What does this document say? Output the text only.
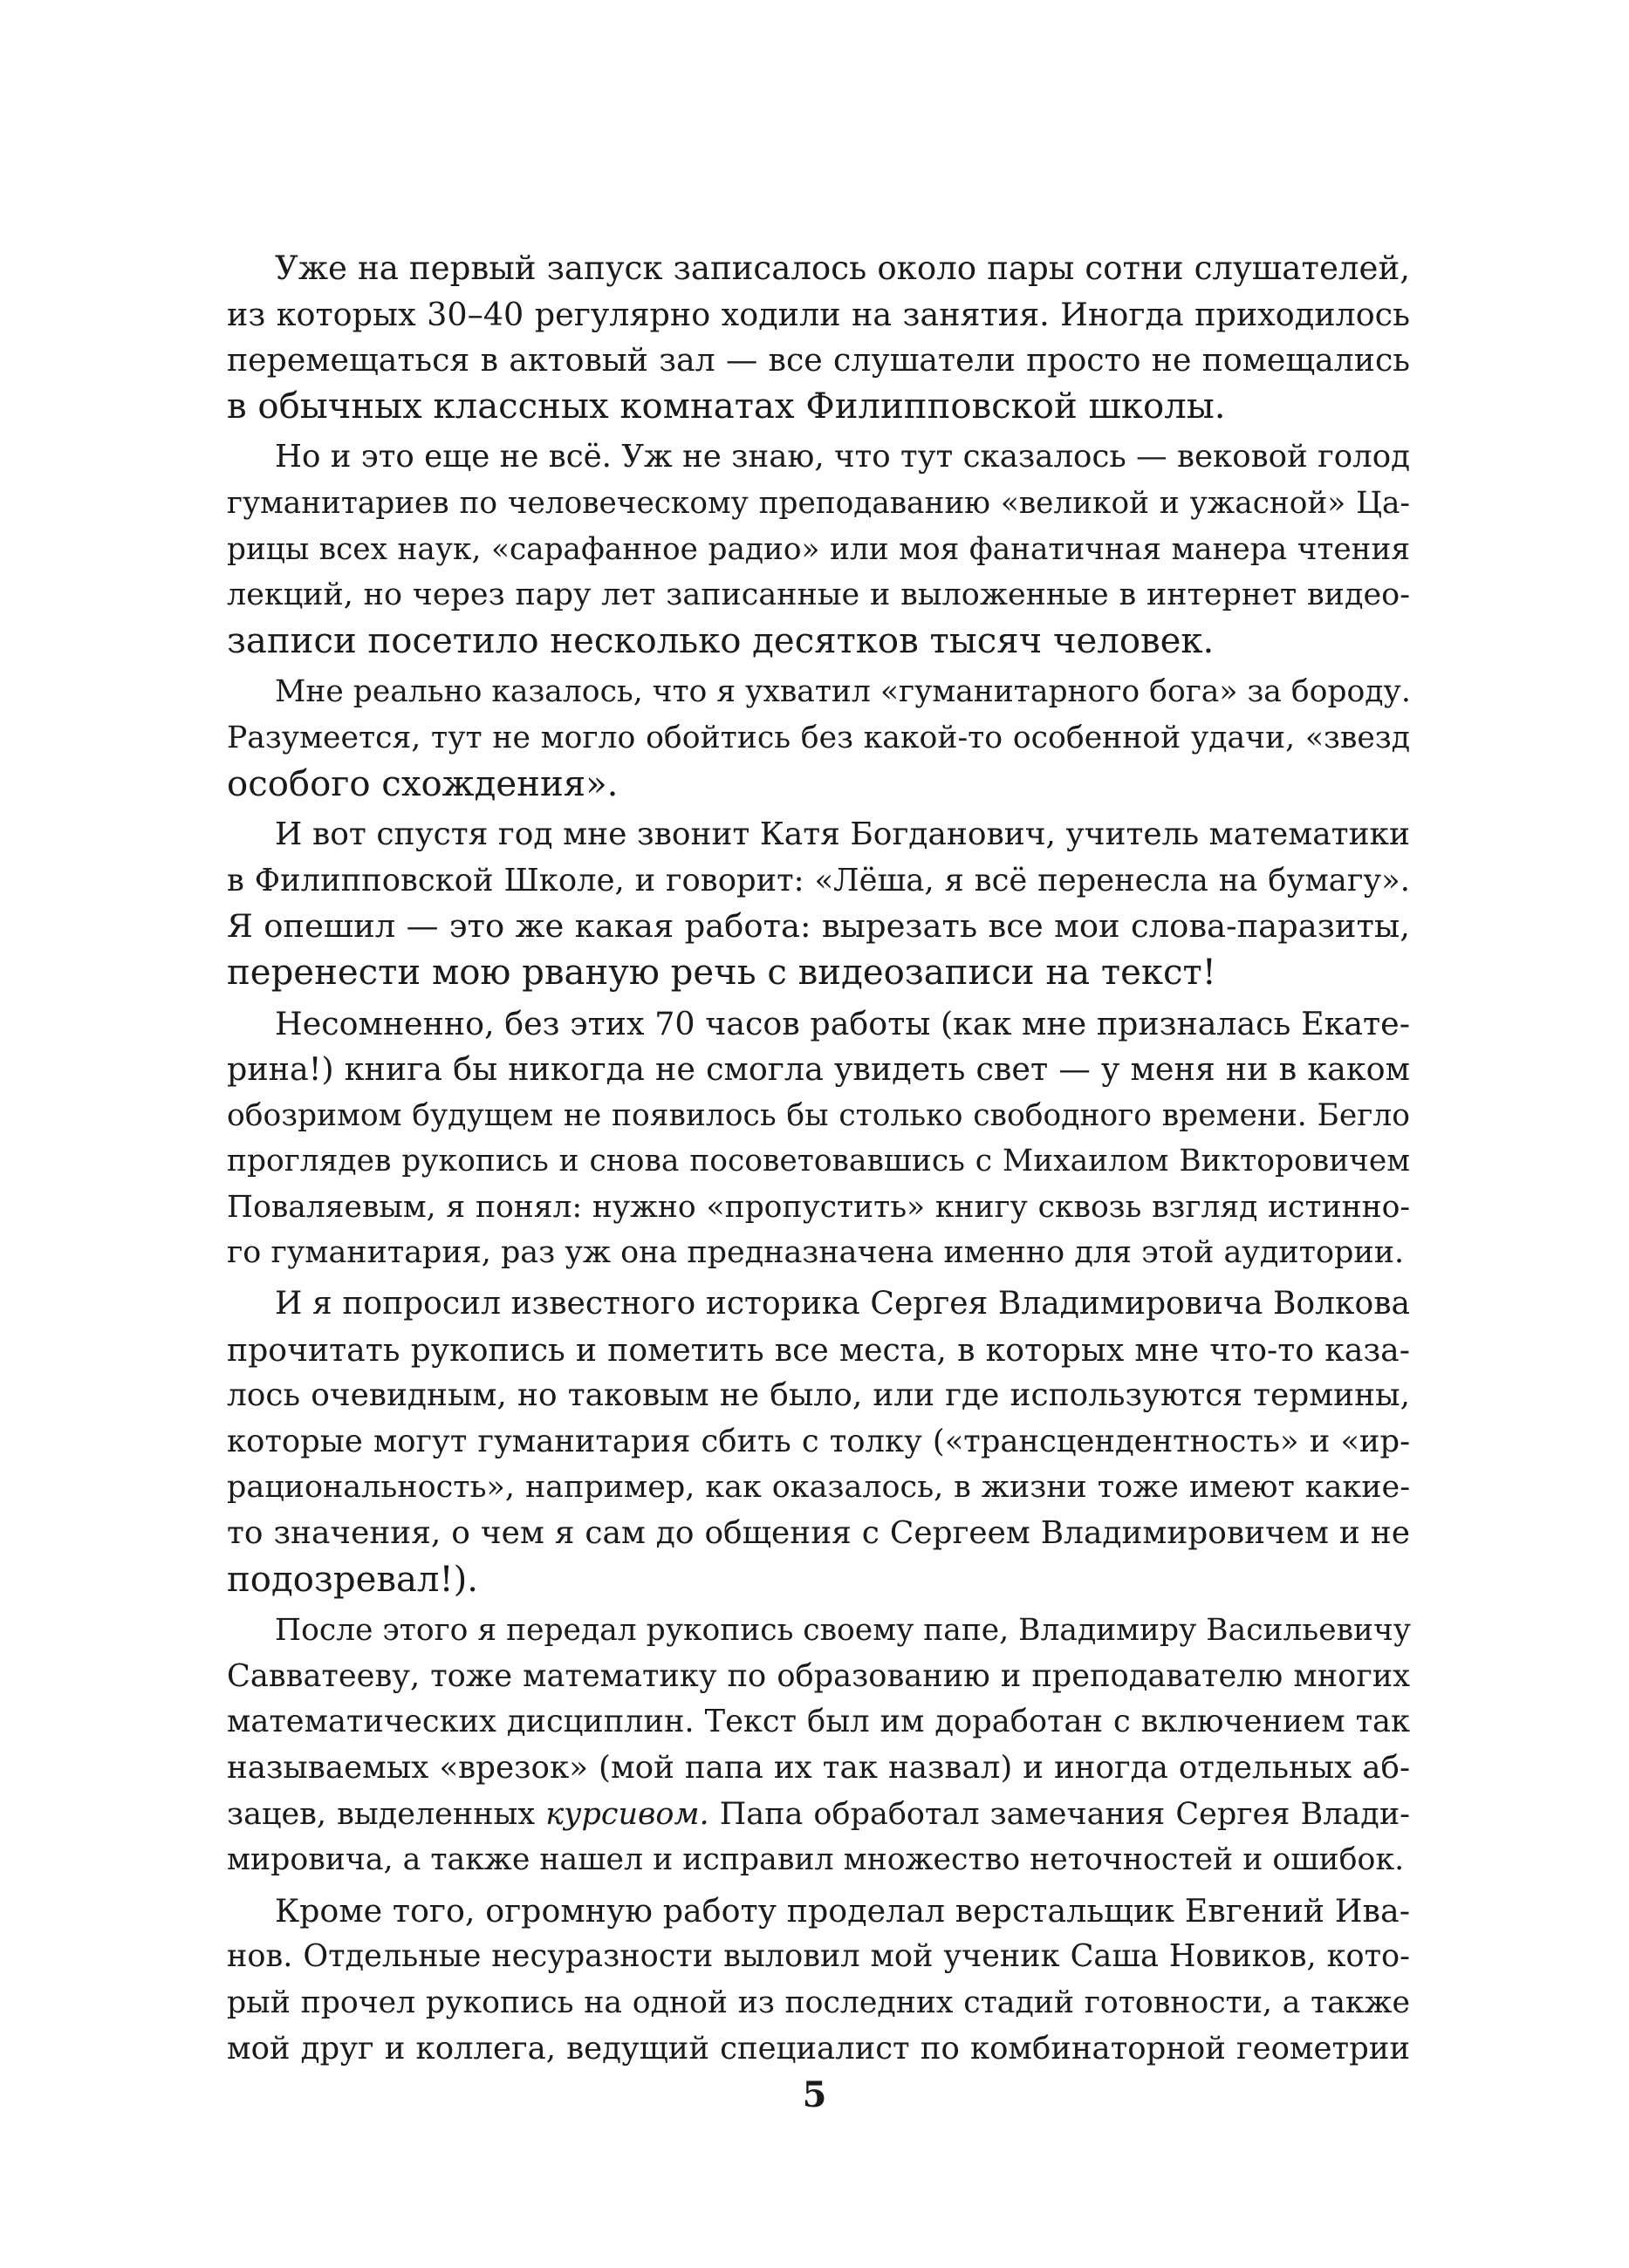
Уже на первый запуск записалось около пары сотни слушателей,
из которых 30–40 регулярно ходили на занятия. Иногда приходилось
перемещаться в актовый зал — все слушатели просто не помещались
в обычных классных комнатах Филипповской школы.

Но и это еще не всё. Уж не знаю, что тут сказалось — вековой голод
гуманитариев по человеческому преподаванию «великой и ужасной» Ца-
рицы всех наук, «сарафанное радио» или моя фанатичная манера чтения
лекций, но через пару лет записанные и выложенные в интернет видео-
записи посетило несколько десятков тысяч человек.

Мне реально казалось, что я ухватил «гуманитарного бога» за бороду.
Разумеется, тут не могло обойтись без какой-то особенной удачи, «звезд
особого схождения».

И вот спустя год мне звонит Катя Богданович, учитель математики
в Филипповской Школе, и говорит: «Лёша, я всё перенесла на бумагу».
Я опешил — это же какая работа: вырезать все мои слова-паразиты,
перенести мою рваную речь с видеозаписи на текст!

Несомненно, без этих 70 часов работы (как мне призналась Екате-
рина!) книга бы никогда не смогла увидеть свет — у меня ни в каком
обозримом будущем не появилось бы столько свободного времени. Бегло
проглядев рукопись и снова посоветовавшись с Михаилом Викторовичем
Поваляевым, я понял: нужно «пропустить» книгу сквозь взгляд истинно-
го гуманитария, раз уж она предназначена именно для этой аудитории.

И я попросил известного историка Сергея Владимировича Волкова
прочитать рукопись и пометить все места, в которых мне что-то каза-
лось очевидным, но таковым не было, или где используются термины,
которые могут гуманитария сбить с толку («трансцендентность» и «ир-
рациональность», например, как оказалось, в жизни тоже имеют какие-
то значения, о чем я сам до общения с Сергеем Владимировичем и не
подозревал!).

После этого я передал рукопись своему папе, Владимиру Васильевичу
Савватееву, тоже математику по образованию и преподавателю многих
математических дисциплин. Текст был им доработан с включением так
называемых «врезок» (мой папа их так назвал) и иногда отдельных аб-
зацев, выделенных курсивом. Папа обработал замечания Сергея Влади-
мировича, а также нашел и исправил множество неточностей и ошибок.

Кроме того, огромную работу проделал верстальщик Евгений Ива-
нов. Отдельные несуразности выловил мой ученик Саша Новиков, кото-
рый прочел рукопись на одной из последних стадий готовности, а также
мой друг и коллега, ведущий специалист по комбинаторной геометрии

5
